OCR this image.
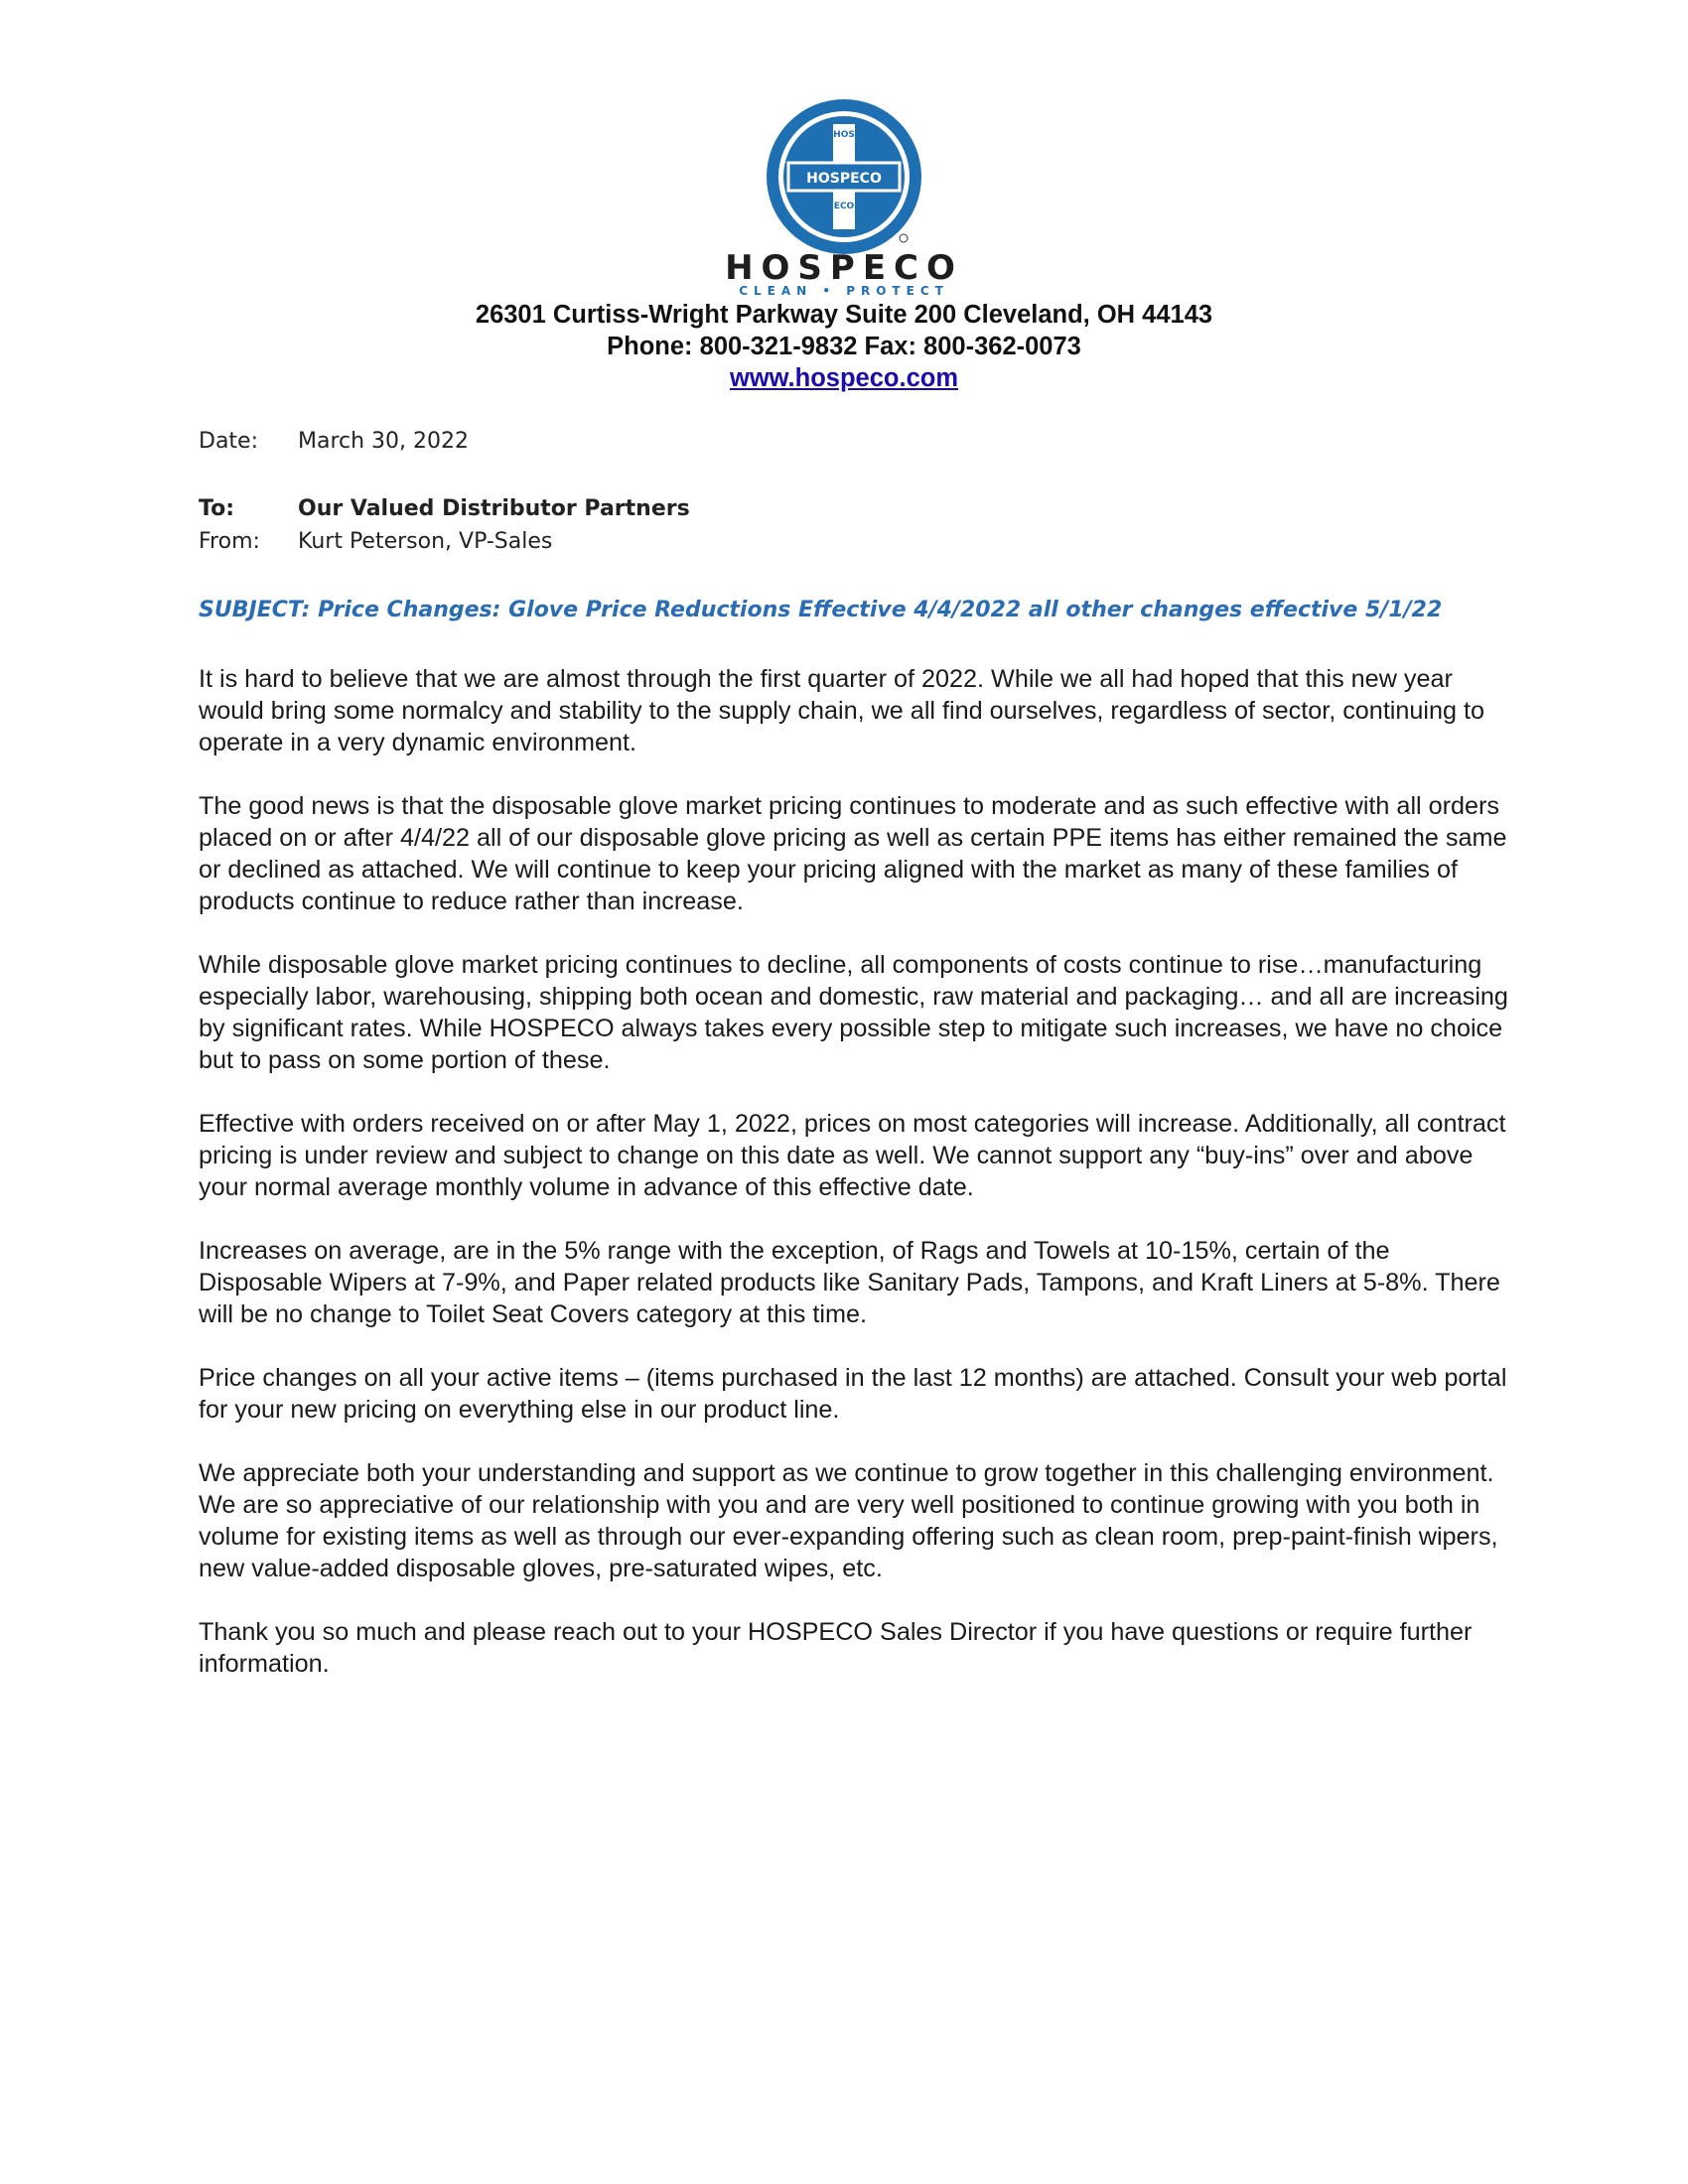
HOSPECO
HOS
ECO
HOSPECO
CLEAN • PROTECT
26301 Curtiss-Wright Parkway Suite 200 Cleveland, OH 44143
Phone: 800-321-9832 Fax: 800-362-0073
www.hospeco.com
Date: March 30, 2022
To:	Our Valued Distributor Partners
From: Kurt Peterson, VP-Sales
SUBJECT: Price Changes: Glove Price Reductions Effective 4/4/2022 all other changes effective 5/1/22

It is hard to believe that we are almost through the first quarter of 2022. While we all had hoped that this new year would bring some normalcy and stability to the supply chain, we all find ourselves, regardless of sector, continuing to operate in a very dynamic environment.

The good news is that the disposable glove market pricing continues to moderate and as such effective with all orders placed on or after 4/4/22 all of our disposable glove pricing as well as certain PPE items has either remained the same or declined as attached. We will continue to keep your pricing aligned with the market as many of these families of products continue to reduce rather than increase.

While disposable glove market pricing continues to decline, all components of costs continue to rise…manufacturing especially labor, warehousing, shipping both ocean and domestic, raw material and packaging… and all are increasing by significant rates. While HOSPECO always takes every possible step to mitigate such increases, we have no choice but to pass on some portion of these.

Effective with orders received on or after May 1, 2022, prices on most categories will increase. Additionally, all contract pricing is under review and subject to change on this date as well. We cannot support any “buy-ins” over and above your normal average monthly volume in advance of this effective date.

Increases on average, are in the 5% range with the exception, of Rags and Towels at 10-15%, certain of the Disposable Wipers at 7-9%, and Paper related products like Sanitary Pads, Tampons, and Kraft Liners at 5-8%. There will be no change to Toilet Seat Covers category at this time.

Price changes on all your active items – (items purchased in the last 12 months) are attached. Consult your web portal for your new pricing on everything else in our product line.

We appreciate both your understanding and support as we continue to grow together in this challenging environment. We are so appreciative of our relationship with you and are very well positioned to continue growing with you both in volume for existing items as well as through our ever-expanding offering such as clean room, prep-paint-finish wipers, new value-added disposable gloves, pre-saturated wipes, etc.

Thank you so much and please reach out to your HOSPECO Sales Director if you have questions or require further information.
